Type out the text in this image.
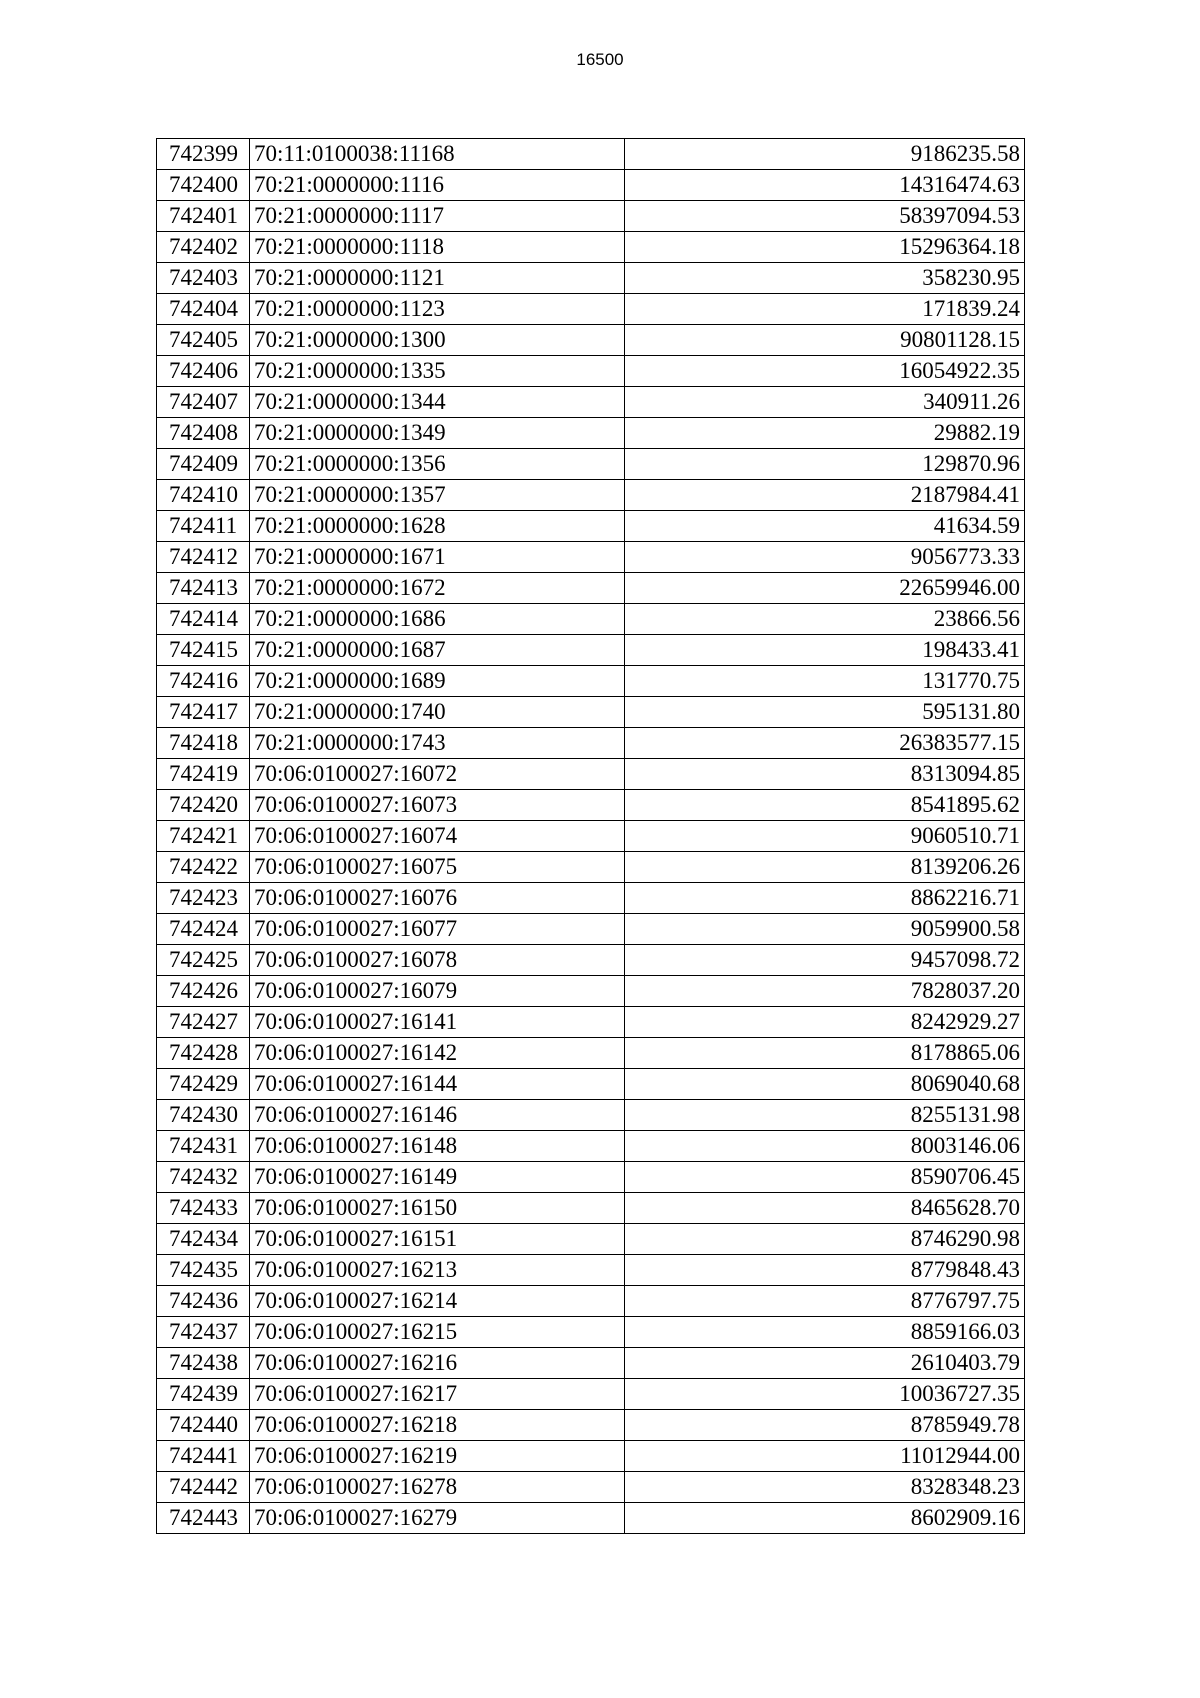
16500
742399	70:11:0100038:11168	9186235.58
742400	70:21:0000000:1116	14316474.63
742401	70:21:0000000:1117	58397094.53
742402	70:21:0000000:1118	15296364.18
742403	70:21:0000000:1121	358230.95
742404	70:21:0000000:1123	171839.24
742405	70:21:0000000:1300	90801128.15
742406	70:21:0000000:1335	16054922.35
742407	70:21:0000000:1344	340911.26
742408	70:21:0000000:1349	29882.19
742409	70:21:0000000:1356	129870.96
742410	70:21:0000000:1357	2187984.41
742411	70:21:0000000:1628	41634.59
742412	70:21:0000000:1671	9056773.33
742413	70:21:0000000:1672	22659946.00
742414	70:21:0000000:1686	23866.56
742415	70:21:0000000:1687	198433.41
742416	70:21:0000000:1689	131770.75
742417	70:21:0000000:1740	595131.80
742418	70:21:0000000:1743	26383577.15
742419	70:06:0100027:16072	8313094.85
742420	70:06:0100027:16073	8541895.62
742421	70:06:0100027:16074	9060510.71
742422	70:06:0100027:16075	8139206.26
742423	70:06:0100027:16076	8862216.71
742424	70:06:0100027:16077	9059900.58
742425	70:06:0100027:16078	9457098.72
742426	70:06:0100027:16079	7828037.20
742427	70:06:0100027:16141	8242929.27
742428	70:06:0100027:16142	8178865.06
742429	70:06:0100027:16144	8069040.68
742430	70:06:0100027:16146	8255131.98
742431	70:06:0100027:16148	8003146.06
742432	70:06:0100027:16149	8590706.45
742433	70:06:0100027:16150	8465628.70
742434	70:06:0100027:16151	8746290.98
742435	70:06:0100027:16213	8779848.43
742436	70:06:0100027:16214	8776797.75
742437	70:06:0100027:16215	8859166.03
742438	70:06:0100027:16216	2610403.79
742439	70:06:0100027:16217	10036727.35
742440	70:06:0100027:16218	8785949.78
742441	70:06:0100027:16219	11012944.00
742442	70:06:0100027:16278	8328348.23
742443	70:06:0100027:16279	8602909.16
